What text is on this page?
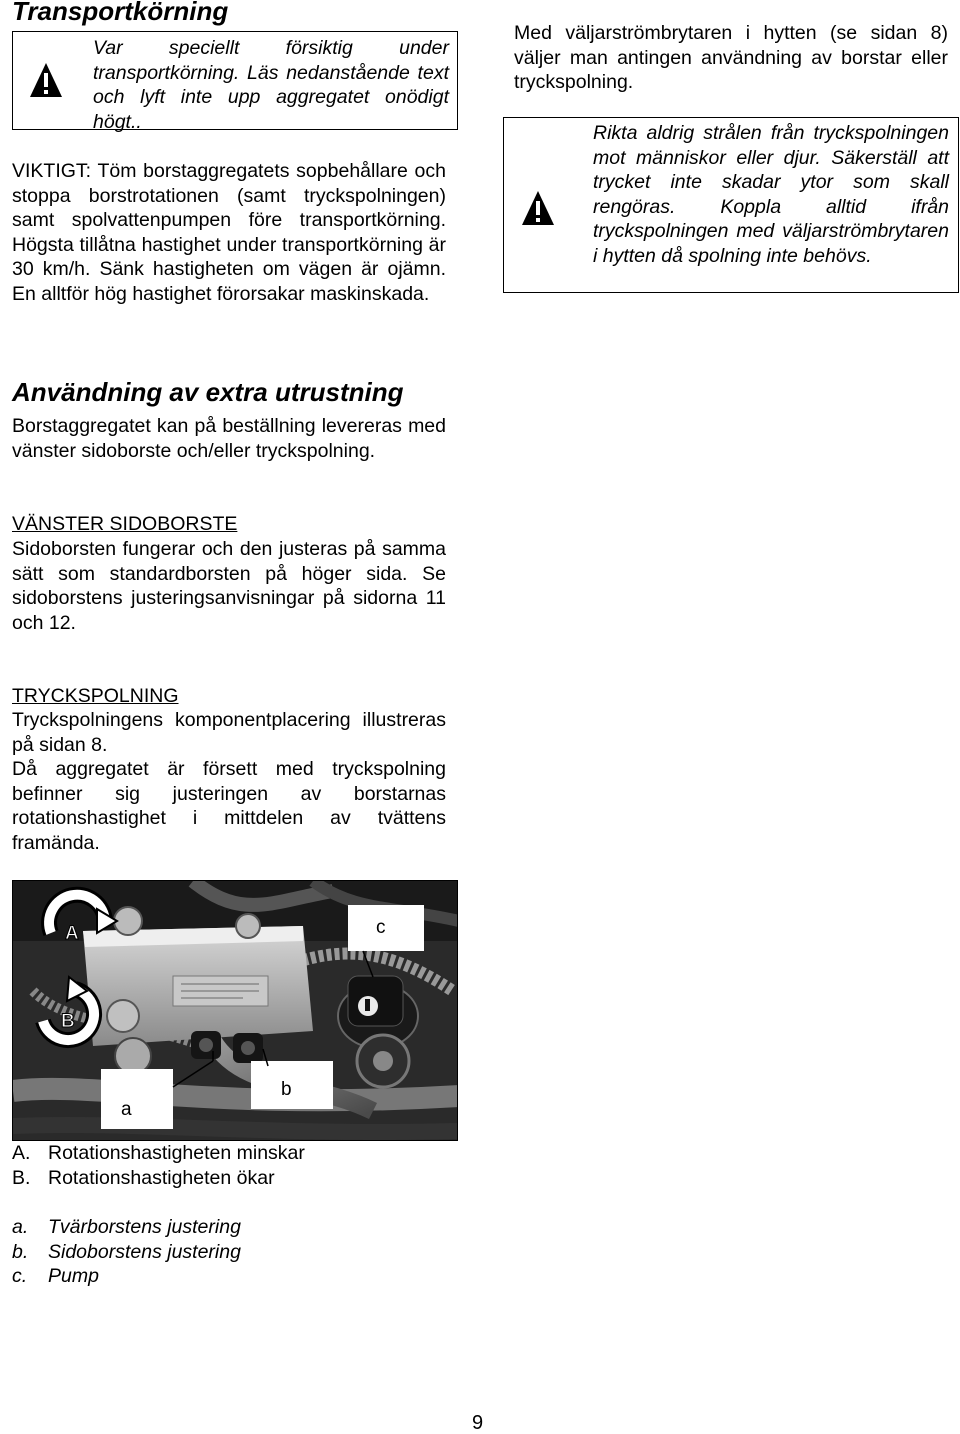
Transportkörning
Var speciellt försiktig under transportkörning. Läs nedanstående text och lyft inte upp aggregatet onödigt högt..
VIKTIGT: Töm borstaggregatets sopbehållare och stoppa borstrotationen (samt tryckspolningen) samt spolvattenpumpen före transportkörning. Högsta tillåtna hastighet under transportkörning är 30 km/h. Sänk hastigheten om vägen är ojämn. En alltför hög hastighet förorsakar maskinskada.
Med väljarströmbrytaren i hytten (se sidan 8) väljer man antingen användning av borstar eller tryckspolning.
Rikta aldrig strålen från tryckspolningen mot människor eller djur. Säkerställ att trycket inte skadar ytor som skall rengöras. Koppla alltid ifrån tryckspolningen med väljarströmbrytaren i hytten då spolning inte behövs.
Användning av extra utrustning
Borstaggregatet kan på beställning levereras med vänster sidoborste och/eller tryckspolning.
VÄNSTER SIDOBORSTE
Sidoborsten fungerar och den justeras på samma sätt som standardborsten på höger sida. Se sidoborstens justeringsanvisningar på sidorna 11 och 12.
TRYCKSPOLNING
Tryckspolningens komponentplacering illustreras på sidan 8.
Då aggregatet är försett med tryckspolning befinner sig justeringen av borstarnas rotationshastighet i mittdelen av tvättens framända.
A
B
c
a
b
A. Rotationshastigheten minskar
B. Rotationshastigheten ökar
a. Tvärborstens justering
b. Sidoborstens justering
c. Pump
9
